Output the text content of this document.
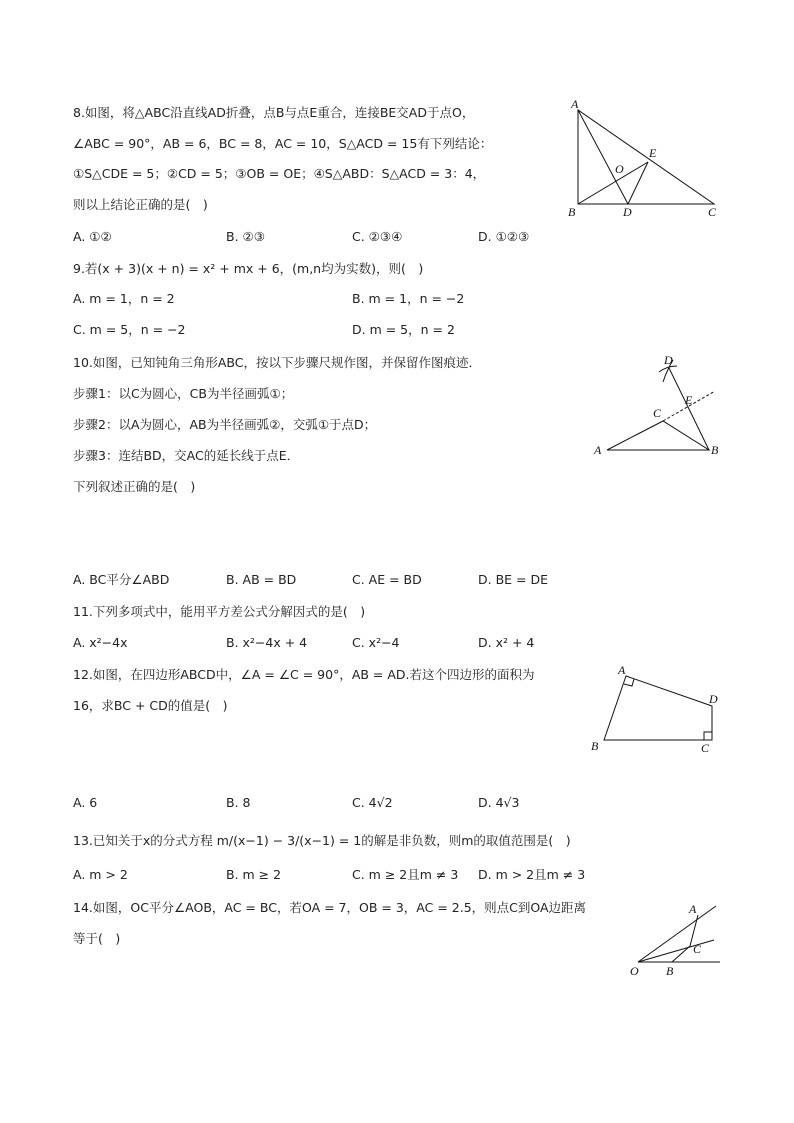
8.如图，将△ABC沿直线AD折叠，点B与点E重合，连接BE交AD于点O，
∠ABC = 90°，AB = 6，BC = 8，AC = 10，S△ACD = 15有下列结论：
①S△CDE = 5；②CD = 5；③OB = OE；④S△ABD：S△ACD = 3：4，
则以上结论正确的是(　)
A. ①②	B. ②③	C. ②③④	D. ①②③
A
B	C
D
E
O
9.若(x + 3)(x + n) = x² + mx + 6，(m,n均为实数)，则(　)
A. m = 1，n = 2	B. m = 1，n = −2
C. m = 5，n = −2	D. m = 5，n = 2
10.如图，已知钝角三角形ABC，按以下步骤尺规作图，并保留作图痕迹．
步骤1：以C为圆心，CB为半径画弧①；
步骤2：以A为圆心，AB为半径画弧②，交弧①于点D；
步骤3：连结BD，交AC的延长线于点E．
下列叙述正确的是(　)
A. BC平分∠ABD	B. AB = BD	C. AE = BD	D. BE = DE
D
E
C
A	B
11.下列多项式中，能用平方差公式分解因式的是(　)
A. x²−4x	B. x²−4x + 4	C. x²−4	D. x² + 4
12.如图，在四边形ABCD中，∠A = ∠C = 90°，AB = AD.若这个四边形的面积为
16，求BC + CD的值是(　)
A. 6	B. 8	C. 4√2	D. 4√3
A
D
B	C
13.已知关于x的分式方程 m/(x−1) − 3/(x−1) = 1的解是非负数，则m的取值范围是(　)
A. m > 2	B. m ≥ 2	C. m ≥ 2且m ≠ 3 D. m > 2且m ≠ 3
14.如图，OC平分∠AOB，AC = BC，若OA = 7，OB = 3，AC = 2.5，则点C到OA边距离
等于(　)
A
C
O B
